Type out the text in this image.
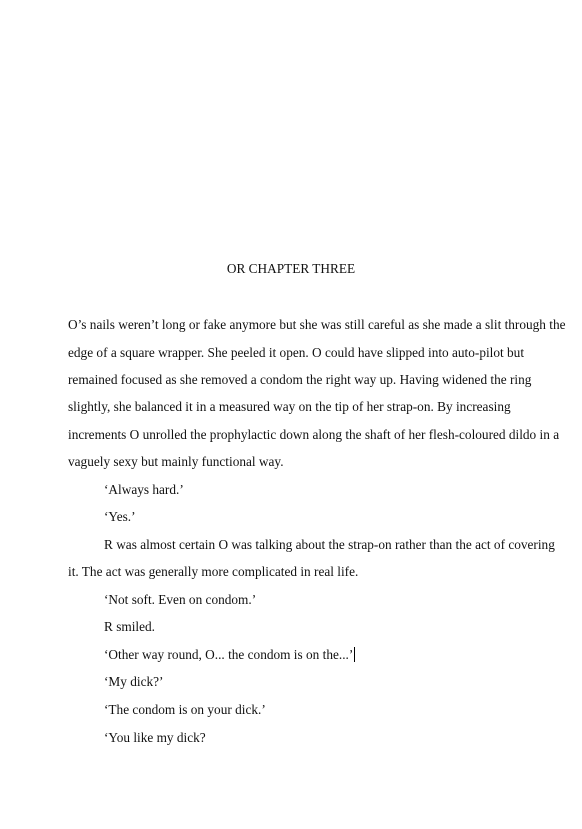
OR CHAPTER THREE
O’s nails weren’t long or fake anymore but she was still careful as she made a slit through the
edge of a square wrapper. She peeled it open. O could have slipped into auto-pilot but
remained focused as she removed a condom the right way up. Having widened the ring
slightly, she balanced it in a measured way on the tip of her strap-on. By increasing
increments O unrolled the prophylactic down along the shaft of her flesh-coloured dildo in a
vaguely sexy but mainly functional way.
‘Always hard.’
‘Yes.’
R was almost certain O was talking about the strap-on rather than the act of covering
it. The act was generally more complicated in real life.
‘Not soft. Even on condom.’
R smiled.
‘Other way round, O... the condom is on the...’
‘My dick?’
‘The condom is on your dick.’
‘You like my dick?
